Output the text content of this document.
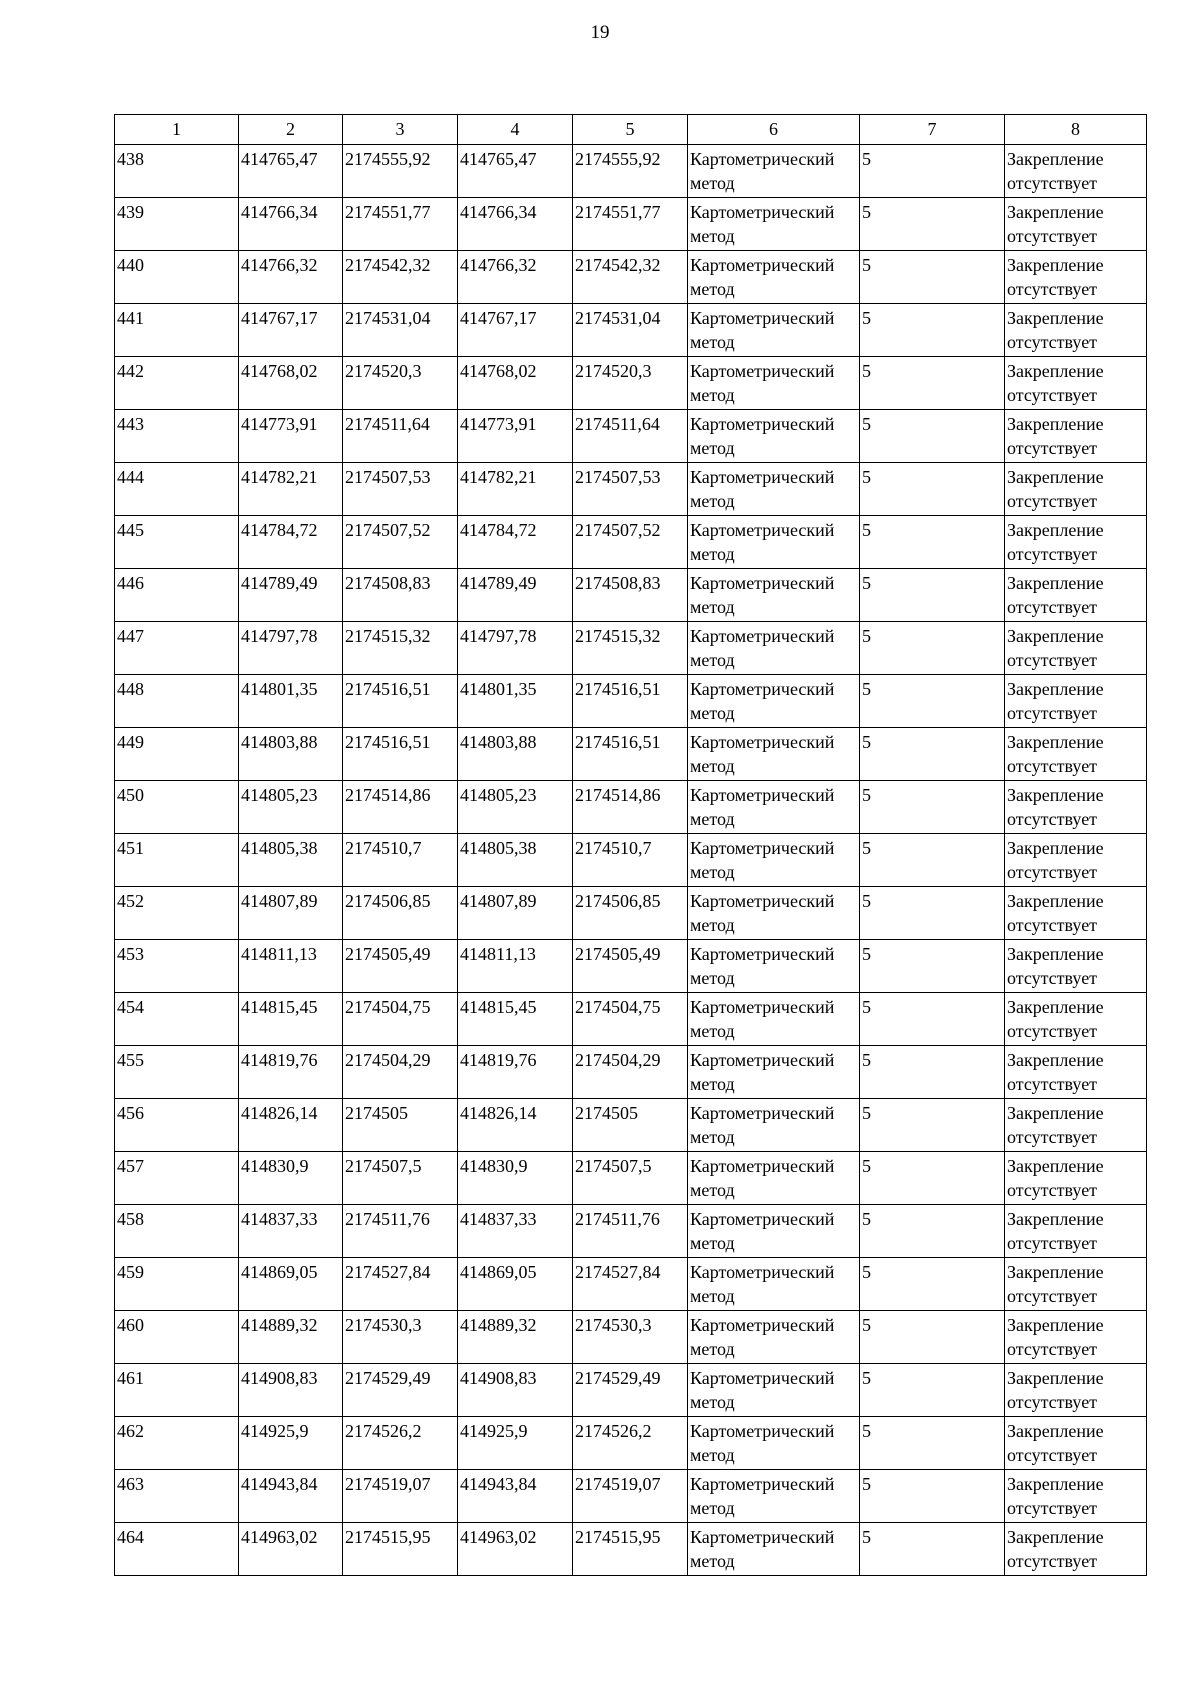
19
1	2	3	4	5	6	7	8
438	414765,47	2174555,92	414765,47	2174555,92	Картометрический
метод	5	Закрепление
отсутствует

439	414766,34	2174551,77	414766,34	2174551,77	Картометрический
метод	5	Закрепление
отсутствует

440	414766,32	2174542,32	414766,32	2174542,32	Картометрический
метод	5	Закрепление
отсутствует

441	414767,17	2174531,04	414767,17	2174531,04	Картометрический
метод	5	Закрепление
отсутствует

442	414768,02	2174520,3	414768,02	2174520,3	Картометрический
метод	5	Закрепление
отсутствует

443	414773,91	2174511,64	414773,91	2174511,64	Картометрический
метод	5	Закрепление
отсутствует

444	414782,21	2174507,53	414782,21	2174507,53	Картометрический
метод	5	Закрепление
отсутствует

445	414784,72	2174507,52	414784,72	2174507,52	Картометрический
метод	5	Закрепление
отсутствует

446	414789,49	2174508,83	414789,49	2174508,83	Картометрический
метод	5	Закрепление
отсутствует

447	414797,78	2174515,32	414797,78	2174515,32	Картометрический
метод	5	Закрепление
отсутствует

448	414801,35	2174516,51	414801,35	2174516,51	Картометрический
метод	5	Закрепление
отсутствует

449	414803,88	2174516,51	414803,88	2174516,51	Картометрический
метод	5	Закрепление
отсутствует

450	414805,23	2174514,86	414805,23	2174514,86	Картометрический
метод	5	Закрепление
отсутствует

451	414805,38	2174510,7	414805,38	2174510,7	Картометрический
метод	5	Закрепление
отсутствует

452	414807,89	2174506,85	414807,89	2174506,85	Картометрический
метод	5	Закрепление
отсутствует

453	414811,13	2174505,49	414811,13	2174505,49	Картометрический
метод	5	Закрепление
отсутствует

454	414815,45	2174504,75	414815,45	2174504,75	Картометрический
метод	5	Закрепление
отсутствует

455	414819,76	2174504,29	414819,76	2174504,29	Картометрический
метод	5	Закрепление
отсутствует

456	414826,14	2174505	414826,14	2174505	Картометрический
метод	5	Закрепление
отсутствует

457	414830,9	2174507,5	414830,9	2174507,5	Картометрический
метод	5	Закрепление
отсутствует

458	414837,33	2174511,76	414837,33	2174511,76	Картометрический
метод	5	Закрепление
отсутствует

459	414869,05	2174527,84	414869,05	2174527,84	Картометрический
метод	5	Закрепление
отсутствует

460	414889,32	2174530,3	414889,32	2174530,3	Картометрический
метод	5	Закрепление
отсутствует

461	414908,83	2174529,49	414908,83	2174529,49	Картометрический
метод	5	Закрепление
отсутствует

462	414925,9	2174526,2	414925,9	2174526,2	Картометрический
метод	5	Закрепление
отсутствует

463	414943,84	2174519,07	414943,84	2174519,07	Картометрический
метод	5	Закрепление
отсутствует

464	414963,02	2174515,95	414963,02	2174515,95	Картометрический
метод	5	Закрепление
отсутствует
